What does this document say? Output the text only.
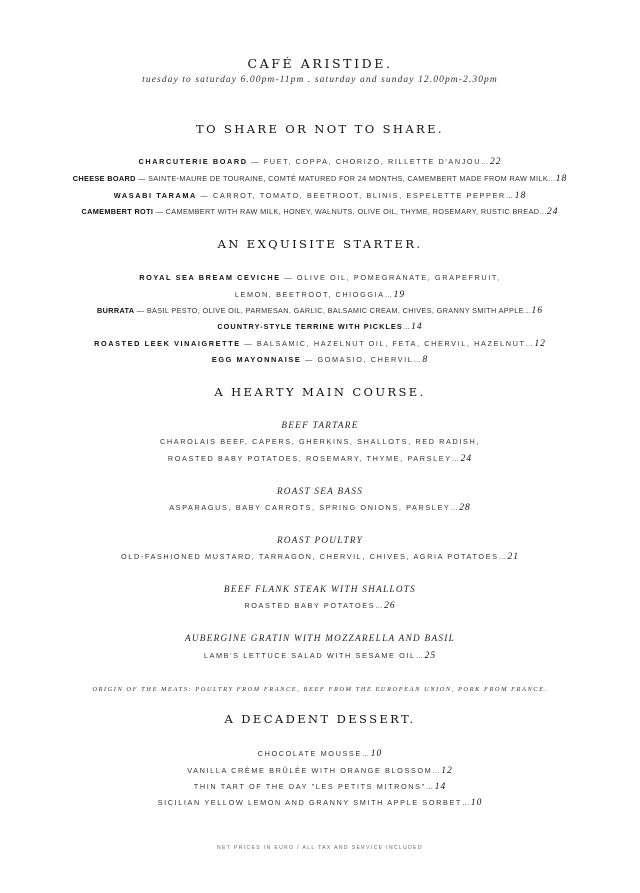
CAFÉ ARISTIDE.
tuesday to saturday 6.00pm-11pm . saturday and sunday 12.00pm-2.30pm
TO SHARE OR NOT TO SHARE.
CHARCUTERIE BOARD — FUET, COPPA, CHORIZO, RILLETTE D'ANJOU…22
CHEESE BOARD — SAINTE-MAURE DE TOURAINE, COMTÉ MATURED FOR 24 MONTHS, CAMEMBERT MADE FROM RAW MILK…18
WASABI TARAMA — CARROT, TOMATO, BEETROOT, BLINIS, ESPELETTE PEPPER…18
CAMEMBERT ROTI — CAMEMBERT WITH RAW MILK, HONEY, WALNUTS, OLIVE OIL, THYME, ROSEMARY, RUSTIC BREAD…24
AN EXQUISITE STARTER.
ROYAL SEA BREAM CEVICHE — OLIVE OIL, POMEGRANATE, GRAPEFRUIT,
LEMON, BEETROOT, CHIOGGIA…19
BURRATA — BASIL PESTO, OLIVE OIL, PARMESAN, GARLIC, BALSAMIC CREAM, CHIVES, GRANNY SMITH APPLE…16
COUNTRY-STYLE TERRINE WITH PICKLES…14
ROASTED LEEK VINAIGRETTE — BALSAMIC, HAZELNUT OIL, FETA, CHERVIL, HAZELNUT…12
EGG MAYONNAISE — GOMASIO, CHERVIL…8
A HEARTY MAIN COURSE.
BEEF TARTARE
CHAROLAIS BEEF, CAPERS, GHERKINS, SHALLOTS, RED RADISH,
ROASTED BABY POTATOES, ROSEMARY, THYME, PARSLEY…24
ROAST SEA BASS
ASPARAGUS, BABY CARROTS, SPRING ONIONS, PARSLEY…28
ROAST POULTRY
OLD-FASHIONED MUSTARD, TARRAGON, CHERVIL, CHIVES, AGRIA POTATOES…21
BEEF FLANK STEAK WITH SHALLOTS
ROASTED BABY POTATOES…26
AUBERGINE GRATIN WITH MOZZARELLA AND BASIL
LAMB'S LETTUCE SALAD WITH SESAME OIL…25
ORIGIN OF THE MEATS: POULTRY FROM FRANCE, BEEF FROM THE EUROPEAN UNION, PORK FROM FRANCE.
A DECADENT DESSERT.
CHOCOLATE MOUSSE…10
VANILLA CRÈME BRÛLÉE WITH ORANGE BLOSSOM…12
THIN TART OF THE DAY "LES PETITS MITRONS"…14
SICILIAN YELLOW LEMON AND GRANNY SMITH APPLE SORBET…10
NET PRICES IN EURO / ALL TAX AND SERVICE INCLUDED
